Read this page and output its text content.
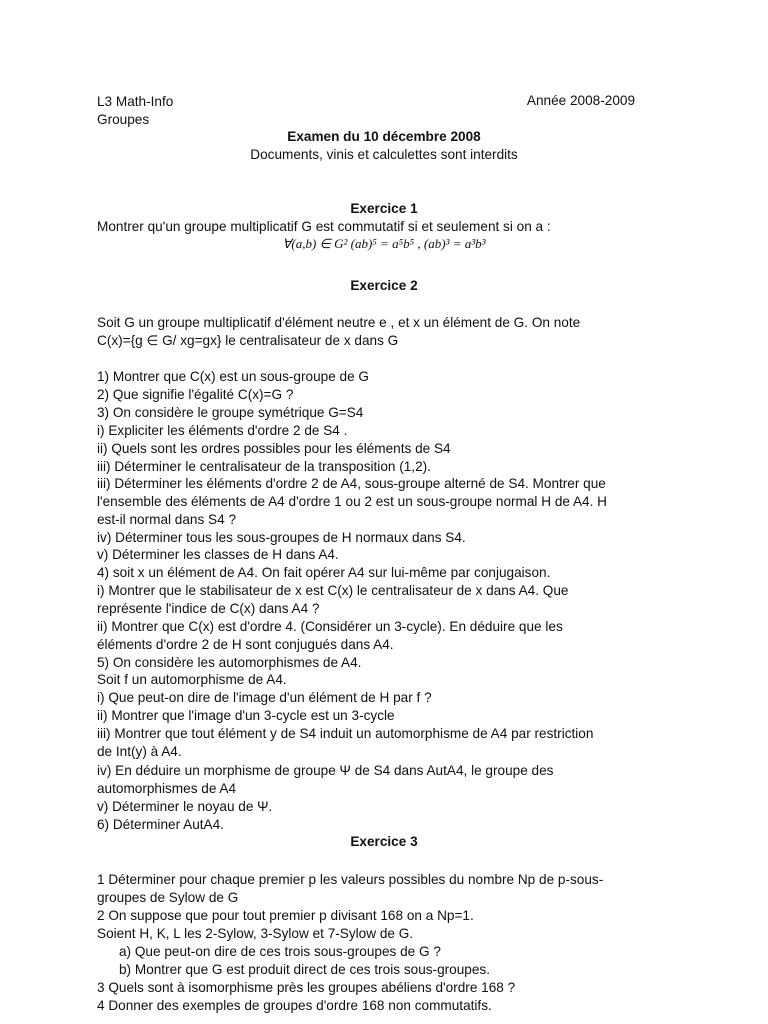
L3 Math-Info
Groupes
Année 2008-2009
Examen du 10 décembre 2008
Documents, vinis et calculettes sont interdits
Exercice 1
Montrer qu'un groupe multiplicatif G est commutatif si et seulement si on a :
∀(a,b) ∈ G² (ab)⁵ = a⁵b⁵ , (ab)³ = a³b³
Exercice 2
Soit G un groupe multiplicatif d'élément neutre e , et x un élément de G. On note
C(x)={g ∈ G/ xg=gx} le centralisateur de x dans G
1) Montrer que C(x) est un sous-groupe de G
2) Que signifie l'égalité C(x)=G ?
3) On considère le groupe symétrique G=S4
i) Expliciter les éléments d'ordre 2 de S4 .
ii) Quels sont les ordres possibles pour les éléments de S4
iii) Déterminer le centralisateur de la transposition (1,2).
iii) Déterminer les éléments d'ordre 2 de A4, sous-groupe alterné de S4. Montrer que
l'ensemble des éléments de A4 d'ordre 1 ou 2 est un sous-groupe normal H de A4. H
est-il normal dans S4 ?
iv) Déterminer tous les sous-groupes de H normaux dans S4.
v) Déterminer les classes de H dans A4.
4) soit x un élément de A4. On fait opérer A4 sur lui-même par conjugaison.
i) Montrer que le stabilisateur de x est C(x) le centralisateur de x dans A4. Que
représente l'indice de C(x) dans A4 ?
ii) Montrer que C(x) est d'ordre 4. (Considérer un 3-cycle). En déduire que les
éléments d'ordre 2 de H sont conjugués dans A4.
5) On considère les automorphismes de A4.
Soit f un automorphisme de A4.
i) Que peut-on dire de l'image d'un élément de H par f ?
ii) Montrer que l'image d'un 3-cycle est un 3-cycle
iii) Montrer que tout élément y de S4 induit un automorphisme de A4 par restriction
de Int(y) à A4.
iv) En déduire un morphisme de groupe Ψ de S4 dans AutA4, le groupe des
automorphismes de A4
v) Déterminer le noyau de Ψ.
6) Déterminer AutA4.
Exercice 3
1 Déterminer pour chaque premier p les valeurs possibles du nombre Np de p-sous-
groupes de Sylow de G
2 On suppose que pour tout premier p divisant 168 on a Np=1.
Soient H, K, L les 2-Sylow, 3-Sylow et 7-Sylow de G.
a) Que peut-on dire de ces trois sous-groupes de G ?
b) Montrer que G est produit direct de ces trois sous-groupes.
3 Quels sont à isomorphisme près les groupes abéliens d'ordre 168 ?
4 Donner des exemples de groupes d'ordre 168 non commutatifs.
